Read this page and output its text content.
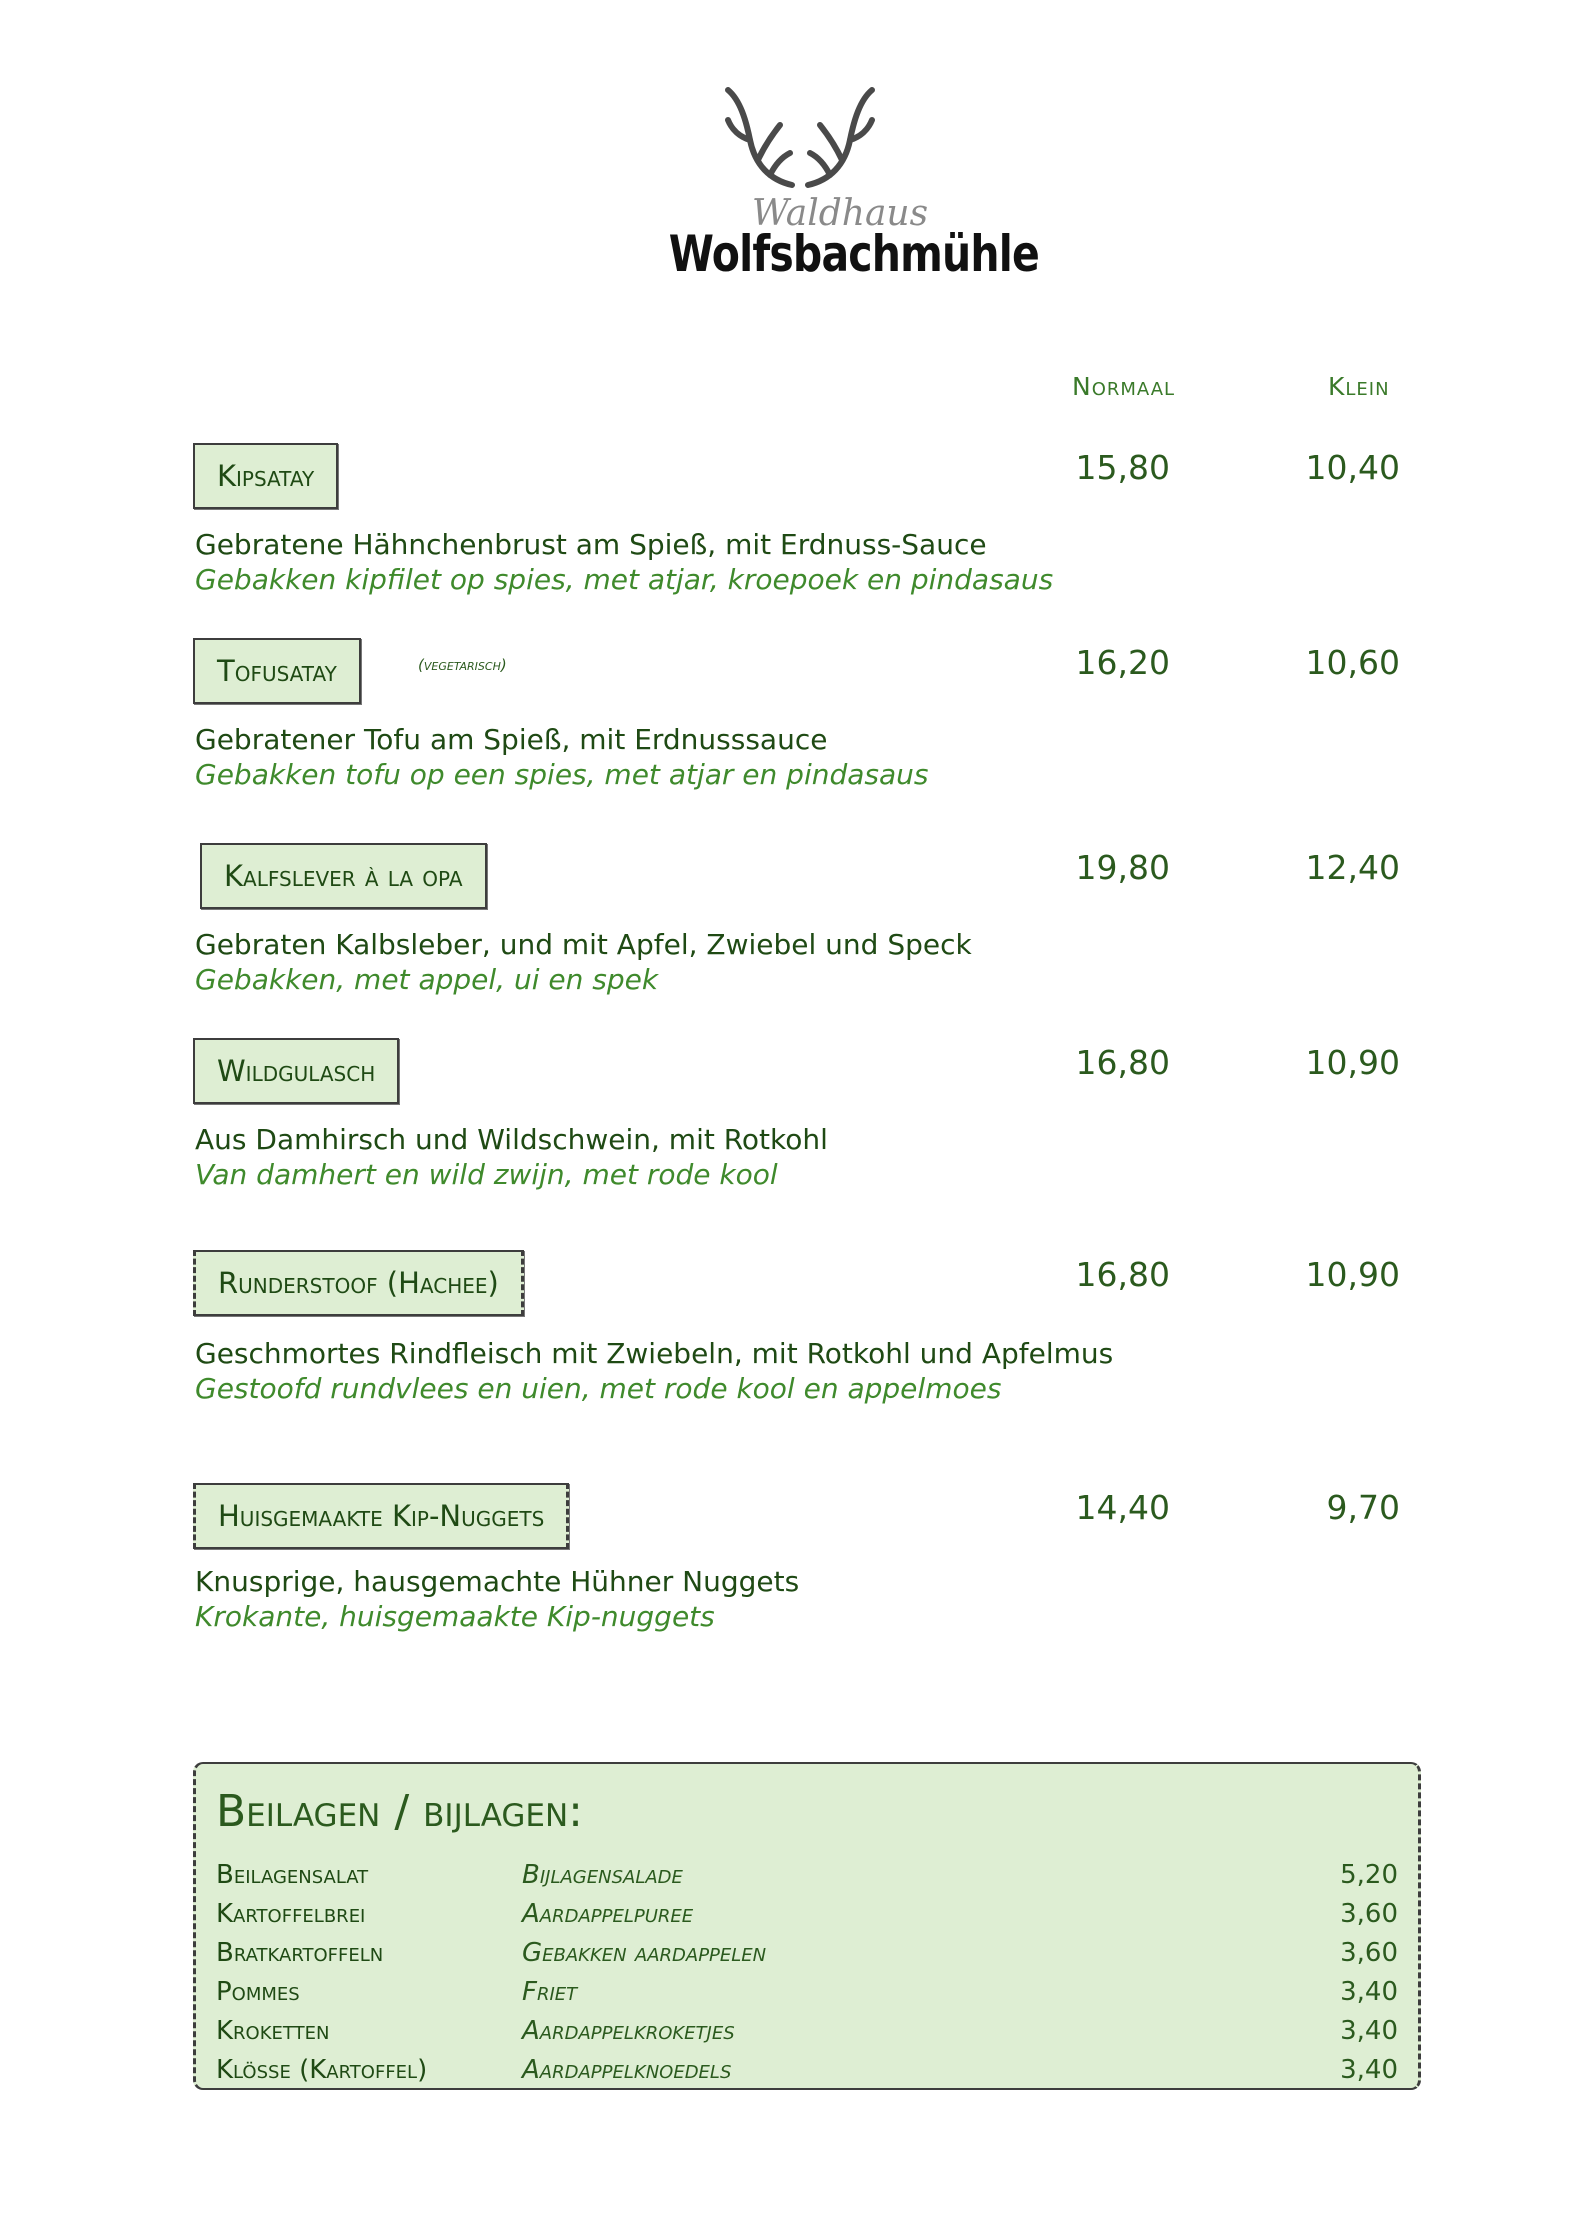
Waldhaus
Wolfsbachmühle
Normaal	Klein
Kipsatay	15,80	10,40
Gebratene Hähnchenbrust am Spieß, mit Erdnuss-Sauce
Gebakken kipfilet op spies, met atjar, kroepoek en pindasaus
Tofusatay	(vegetarisch)	16,20	10,60
Gebratener Tofu am Spieß, mit Erdnusssauce
Gebakken tofu op een spies, met atjar en pindasaus
Kalfslever à la opa	19,80	12,40
Gebraten Kalbsleber, und mit Apfel, Zwiebel und Speck
Gebakken, met appel, ui en spek
Wildgulasch	16,80	10,90
Aus Damhirsch und Wildschwein, mit Rotkohl
Van damhert en wild zwijn, met rode kool
Runderstoof (Hachee)	16,80	10,90
Geschmortes Rindfleisch mit Zwiebeln, mit Rotkohl und Apfelmus
Gestoofd rundvlees en uien, met rode kool en appelmoes
Huisgemaakte Kip-Nuggets	14,40	9,70
Knusprige, hausgemachte Hühner Nuggets
Krokante, huisgemaakte Kip-nuggets
Beilagen / bijlagen:
Beilagensalat	Bijlagensalade	5,20
Kartoffelbrei	Aardappelpuree	3,60
Bratkartoffeln	Gebakken aardappelen	3,60
Pommes	Friet	3,40
Kroketten	Aardappelkroketjes	3,40
Klöße (Kartoffel)	Aardappelknoedels	3,40
